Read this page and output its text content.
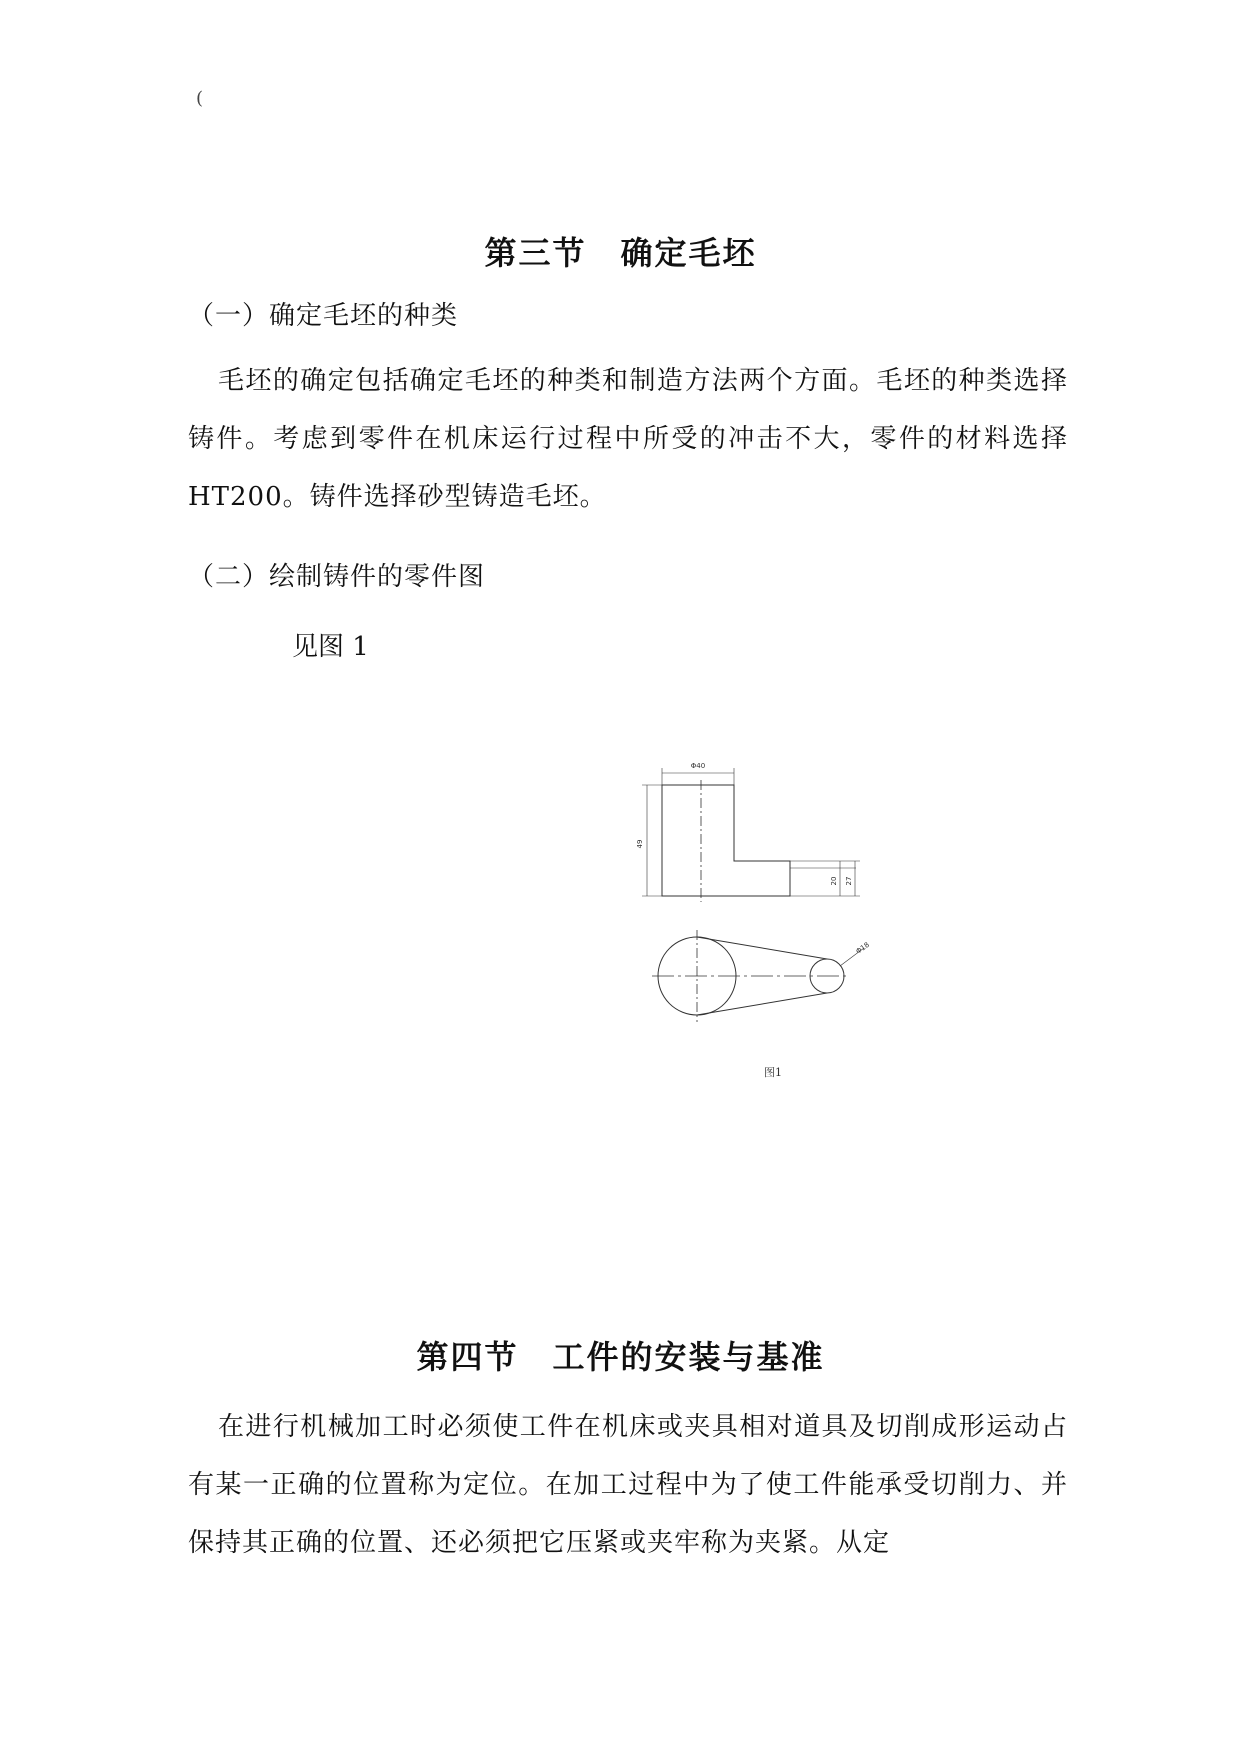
(
第三节　确定毛坯
（一）确定毛坯的种类
毛坯的确定包括确定毛坯的种类和制造方法两个方面。毛坯的种类选择铸件。考虑到零件在机床运行过程中所受的冲击不大，零件的材料选择HT200。铸件选择砂型铸造毛坯。
（二）绘制铸件的零件图
见图 1
Φ40
49
20 27
Φ18
图1
第四节　工件的安装与基准
在进行机械加工时必须使工件在机床或夹具相对道具及切削成形运动占有某一正确的位置称为定位。在加工过程中为了使工件能承受切削力、并保持其正确的位置、还必须把它压紧或夹牢称为夹紧。从定
